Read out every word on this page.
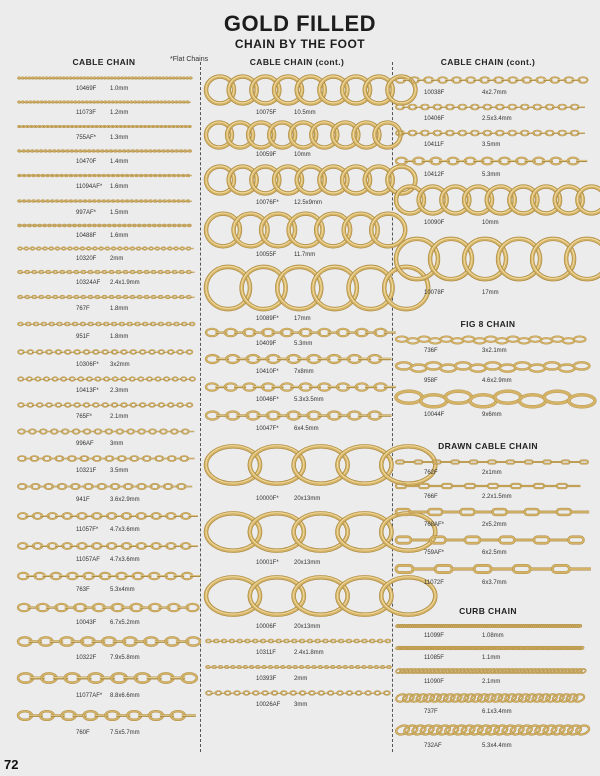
GOLD FILLED
CHAIN BY THE FOOT
*Flat Chains
CABLE CHAIN
10469F 1.0mm
11073F 1.2mm
755AF* 1.3mm
10470F 1.4mm
11094AF* 1.6mm
997AF* 1.5mm
10488F 1.6mm
10320F 2mm
10324AF 2.4x1.9mm
767F	1.8mm
951F	1.8mm
10306F* 3x2mm
10413F* 2.3mm
765F*	2.1mm
996AF	3mm
10321F 3.5mm
941F	3.6x2.9mm
11057F* 4.7x3.6mm
11057AF 4.7x3.6mm
763F	5.3x4mm
10043F 6.7x5.2mm
10322F 7.9x5.8mm
11077AF* 8.8x6.6mm
760F	7.5x5.7mm
CABLE CHAIN (cont.)
10075F	10.5mm
10059F	10mm
10076F*	12.5x9mm
10055F	11.7mm
10089F*	17mm
10409F	5.3mm
10410F*	7x8mm
10046F*	5.3x3.5mm
10047F*	6x4.5mm
10000F*	20x13mm
10001F*	20x13mm
10006F	20x13mm
10311F	2.4x1.8mm
10393F	2mm
10026AF 3mm
CABLE CHAIN (cont.)
10038F	4x2.7mm
10406F	2.5x3.4mm
10411F	3.5mm
10412F	5.3mm
10090F	10mm
10078F	17mm
FIG 8 CHAIN
736F	3x2.1mm
958F	4.6x2.9mm
10044F	9x6mm
DRAWN CABLE CHAIN
762F	2x1mm
766F	2.2x1.5mm
768AF*	2x5.2mm
759AF*	6x2.5mm
11072F	6x3.7mm
CURB CHAIN
11099F	1.08mm
11085F	1.1mm
11090F	2.1mm
737F	6.1x3.4mm
732AF	5.3x4.4mm
72
